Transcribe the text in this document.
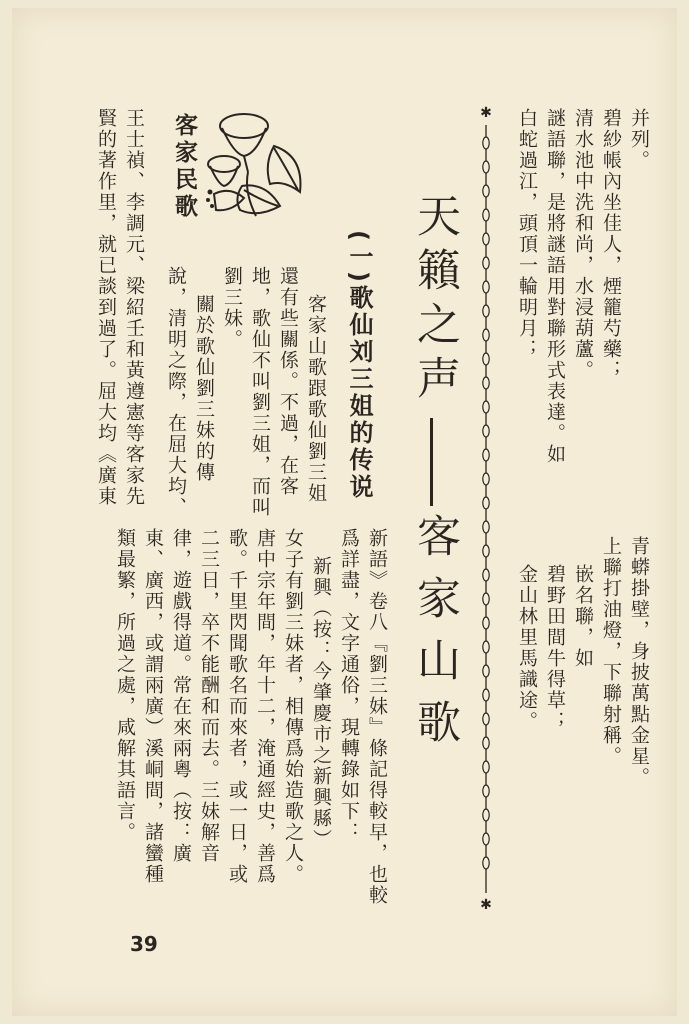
并列。
碧紗帳內坐佳人，煙籠芍藥；
清水池中洗和尚，水浸葫蘆。
謎語聯，是將謎語用對聯形式表達。如
白蛇過江，頭頂一輪明月；
青蟒掛壁，身披萬點金星。
上聯打油燈，下聯射稱。
嵌名聯，如
碧野田間牛得草；
金山林里馬識途。
✱
✱
天籟之声
客家山歌
新語》卷八『劉三妹』條記得較早，也較
爲詳盡，文字通俗，現轉錄如下：
新興（按：今肇慶市之新興縣）
女子有劉三妹者，相傳爲始造歌之人。
唐中宗年間，年十二，淹通經史，善爲
歌。千里閃聞歌名而來者，或一日，或
二三日，卒不能酬和而去。三妹解音
律，遊戲得道。常在來兩粵（按：廣
東、廣西，或謂兩廣）溪峒間，諸蠻種
類最繁，所過之處，咸解其語言。
(一)歌仙刘三姐的传说
客家山歌跟歌仙劉三姐
還有些關係。不過，在客
地，歌仙不叫劉三姐，而叫
劉三妹。
關於歌仙劉三妹的傳
說，清明之際，在屈大均、
王士禎、李調元、梁紹壬和黃遵憲等客家先
賢的著作里，就已談到過了。屈大均《廣東 客家民歌
39
